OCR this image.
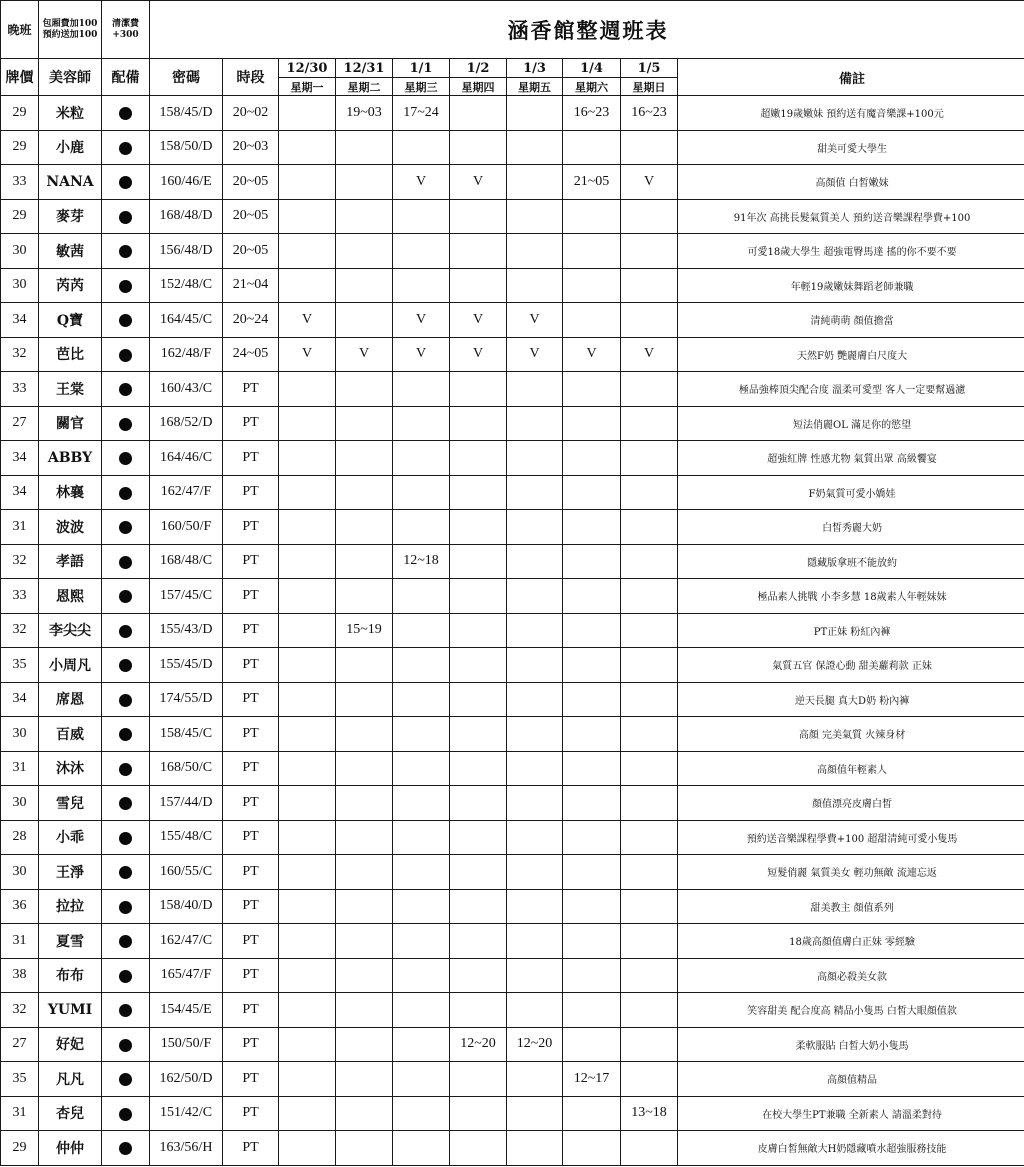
晚班	包厢費加100
預約送加100	清潔費+300	涵香館整週班表									
牌價	美容師	配備	密碼	時段	12/30	12/31	1/1	1/2	1/3	1/4	1/5	備註
					星期一	星期二	星期三	星期四	星期五	星期六	星期日	
29	米粒		158/45/D	20~02		19~03	17~24			16~23	16~23	超嫩19歲嫩妹 預約送有魔音樂課+100元
29	小鹿		158/50/D	20~03								甜美可愛大學生
33	NANA		160/46/E	20~05			V	V		21~05	V	高顏值 白皙嫩妹
29	麥芽		168/48/D	20~05								91年次 高挑長髮氣質美人 預約送音樂課程學費+100
30	敏茜		156/48/D	20~05								可愛18歲大學生 超強電臀馬達 搖的你不要不要
30	芮芮		152/48/C	21~04								年輕19歲嫩妹舞蹈老師兼職
34	Q寶		164/45/C	20~24	V		V	V	V			清純萌萌 顏值擔當
32	芭比		162/48/F	24~05	V	V	V	V	V	V	V	天然F奶 艷麗膚白尺度大
33	王棠		160/43/C	PT								極品強棒頂尖配合度 溫柔可愛型 客人一定要幫過濾
27	關官		168/52/D	PT								短法俏麗OL 滿足你的慾望
34	ABBY		164/46/C	PT								超強紅牌 性感尤物 氣質出眾 高級饗宴
34	林襄		162/47/F	PT								F奶氣質可愛小嬌娃
31	波波		160/50/F	PT								白皙秀麗大奶
32	孝語		168/48/C	PT			12~18					隱藏版拿班不能放約
33	恩熙		157/45/C	PT								極品素人挑戰 小李多慧 18歲素人年輕妹妹
32	李尖尖		155/43/D	PT		15~19						PT正妹 粉紅內褲
35	小周凡		155/45/D	PT								氣質五官 保證心動 甜美蘿莉款 正妹
34	席恩		174/55/D	PT								逆天長腿 真大D奶 粉內褲
30	百威		158/45/C	PT								高顏 完美氣質 火辣身材
31	沐沐		168/50/C	PT								高顏值年輕素人
30	雪兒		157/44/D	PT								顏值漂亮皮膚白皙
28	小乖		155/48/C	PT								預約送音樂課程學費+100 超甜清純可愛小隻馬
30	王淨		160/55/C	PT								短髮俏麗 氣質美女 輕功無敵 流連忘返
36	拉拉		158/40/D	PT								甜美教主 顏值系列
31	夏雪		162/47/C	PT								18歲高顏值膚白正妹 零經驗
38	布布		165/47/F	PT								高顏必殺美女款
32	YUMI		154/45/E	PT								笑容甜美 配合度高 精品小隻馬 白皙大眼顏值款
27	好妃		150/50/F	PT				12~20	12~20			柔軟服貼 白皙大奶小隻馬
35	凡凡		162/50/D	PT						12~17		高顏值精品
31	杏兒		151/42/C	PT							13~18	在校大學生PT兼職 全新素人 請溫柔對待
29	仲仲		163/56/H	PT								皮膚白皙無敵大H奶隱藏噴水超強服務技能
